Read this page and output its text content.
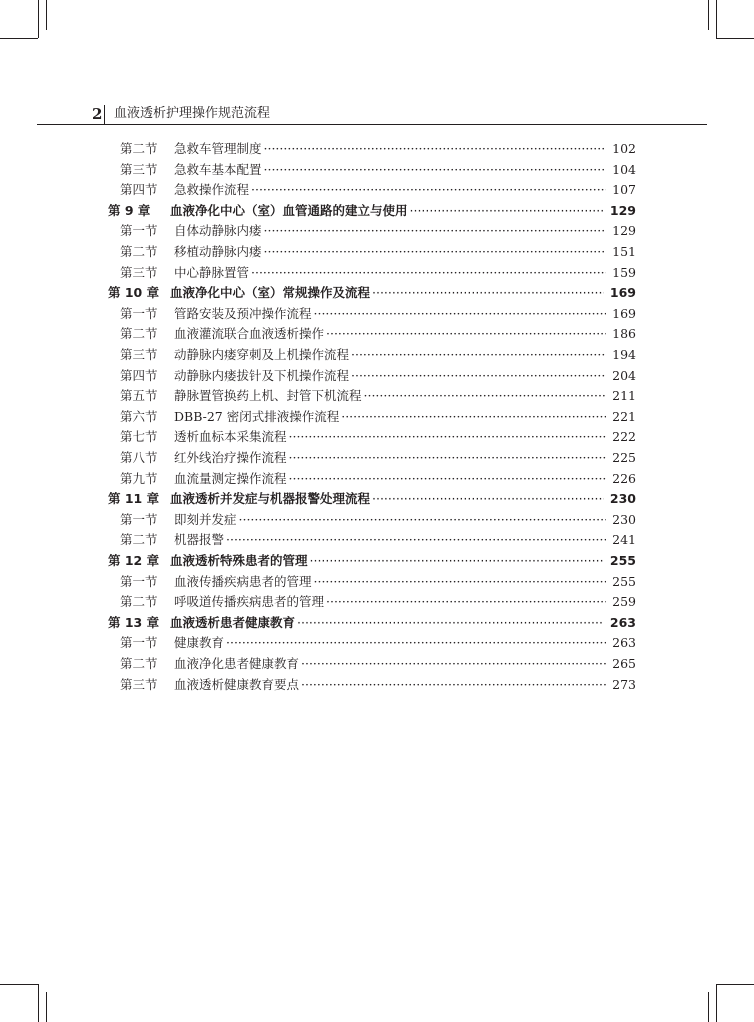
2 血液透析护理操作规范流程
第二节	急救车管理制度 ·····	102
第三节	急救车基本配置 ·····	104
第四节	急救操作流程 ·····	107
第 9 章	血液净化中心（室）血管通路的建立与使用 ·····	129
第一节	自体动静脉内瘘 ·····	129
第二节	移植动静脉内瘘 ·····	151
第三节	中心静脉置管 ·····	159
第 10 章 血液净化中心（室）常规操作及流程 ·····	169
第一节	管路安装及预冲操作流程 ·····	169
第二节	血液灌流联合血液透析操作 ·····	186
第三节	动静脉内瘘穿刺及上机操作流程 ·····	194
第四节	动静脉内瘘拔针及下机操作流程 ·····	204
第五节	静脉置管换药上机、封管下机流程 ·····	211
第六节	DBB-27 密闭式排液操作流程 ·····	221
第七节	透析血标本采集流程 ·····	222
第八节	红外线治疗操作流程 ·····	225
第九节	血流量测定操作流程 ·····	226
第 11 章 血液透析并发症与机器报警处理流程 ·····	230
第一节	即刻并发症 ·····	230
第二节	机器报警 ·····	241
第 12 章 血液透析特殊患者的管理 ·····	255
第一节	血液传播疾病患者的管理 ·····	255
第二节	呼吸道传播疾病患者的管理 ·····	259
第 13 章 血液透析患者健康教育 ·····	263
第一节	健康教育 ·····	263
第二节	血液净化患者健康教育 ·····	265
第三节	血液透析健康教育要点 ·····	273
